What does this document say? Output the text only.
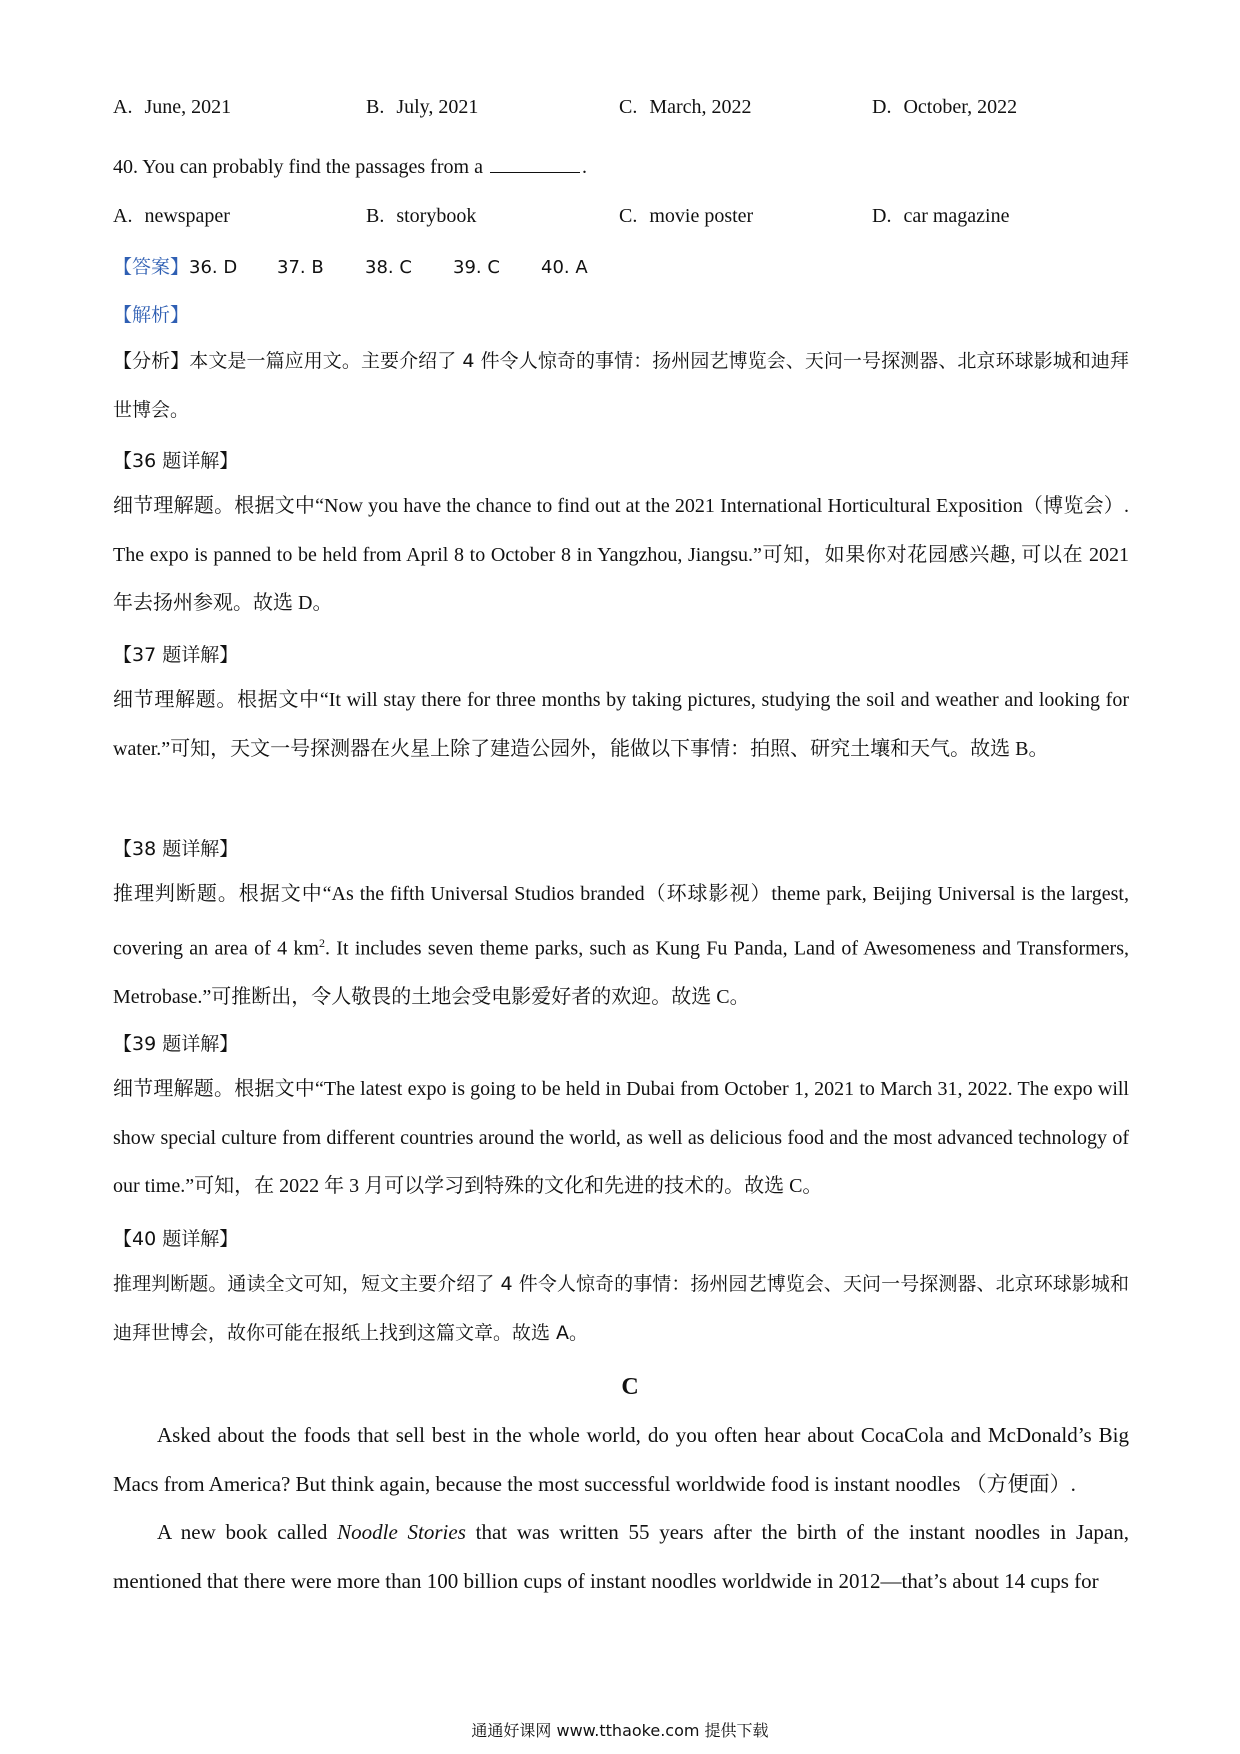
A. June, 2021	B. July, 2021	C. March, 2022	D. October, 2022
40. You can probably find the passages from a	.
A. newspaper	B. storybook	C. movie poster	D. car magazine
【答案】36. D 37. B 38. C 39. C 40. A
【解析】
【分析】本文是一篇应用文。主要介绍了 4 件令人惊奇的事情：扬州园艺博览会、天问一号探测器、北京环球影城和迪拜世博会。
【36 题详解】
细节理解题。根据文中“Now you have the chance to find out at the 2021 International Horticultural Exposition（博览会）. The expo is panned to be held from April 8 to October 8 in Yangzhou, Jiangsu.”可知，如果你对花园感兴趣, 可以在 2021 年去扬州参观。故选 D。
【37 题详解】
细节理解题。根据文中“It will stay there for three months by taking pictures, studying the soil and weather and looking for water.”可知，天文一号探测器在火星上除了建造公园外，能做以下事情：拍照、研究土壤和天气。故选 B。
【38 题详解】
推理判断题。根据文中“As the fifth Universal Studios branded（环球影视）theme park, Beijing Universal is the largest, covering an area of 4 $km^2$. It includes seven theme parks, such as Kung Fu Panda, Land of Awesomeness and Transformers, Metrobase.”可推断出，令人敬畏的土地会受电影爱好者的欢迎。故选 C。
【39 题详解】
细节理解题。根据文中“The latest expo is going to be held in Dubai from October 1, 2021 to March 31, 2022. The expo will show special culture from different countries around the world, as well as delicious food and the most advanced technology of our time.”可知，在 2022 年 3 月可以学习到特殊的文化和先进的技术的。故选 C。
【40 题详解】
推理判断题。通读全文可知，短文主要介绍了 4 件令人惊奇的事情：扬州园艺博览会、天问一号探测器、北京环球影城和迪拜世博会，故你可能在报纸上找到这篇文章。故选 A。
C

Asked about the foods that sell best in the whole world, do you often hear about CocaCola and McDonald’s Big Macs from America? But think again, because the most successful worldwide food is instant noodles （方便面）.

A new book called Noodle Stories that was written 55 years after the birth of the instant noodles in Japan, mentioned that there were more than 100 billion cups of instant noodles worldwide in 2012—that’s about 14 cups for

通通好课网 www.tthaoke.com 提供下载
